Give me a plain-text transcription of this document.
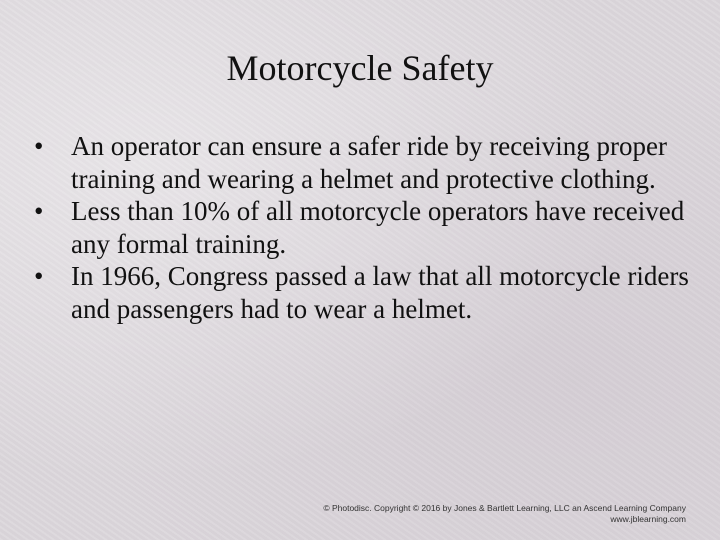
Motorcycle Safety
•	An operator can ensure a safer ride by receiving proper training and wearing a helmet and protective clothing.
•	Less than 10% of all motorcycle operators have received any formal training.
•	In 1966, Congress passed a law that all motorcycle riders and passengers had to wear a helmet.
© Photodisc. Copyright © 2016 by Jones & Bartlett Learning, LLC an Ascend Learning Company
www.jblearning.com
